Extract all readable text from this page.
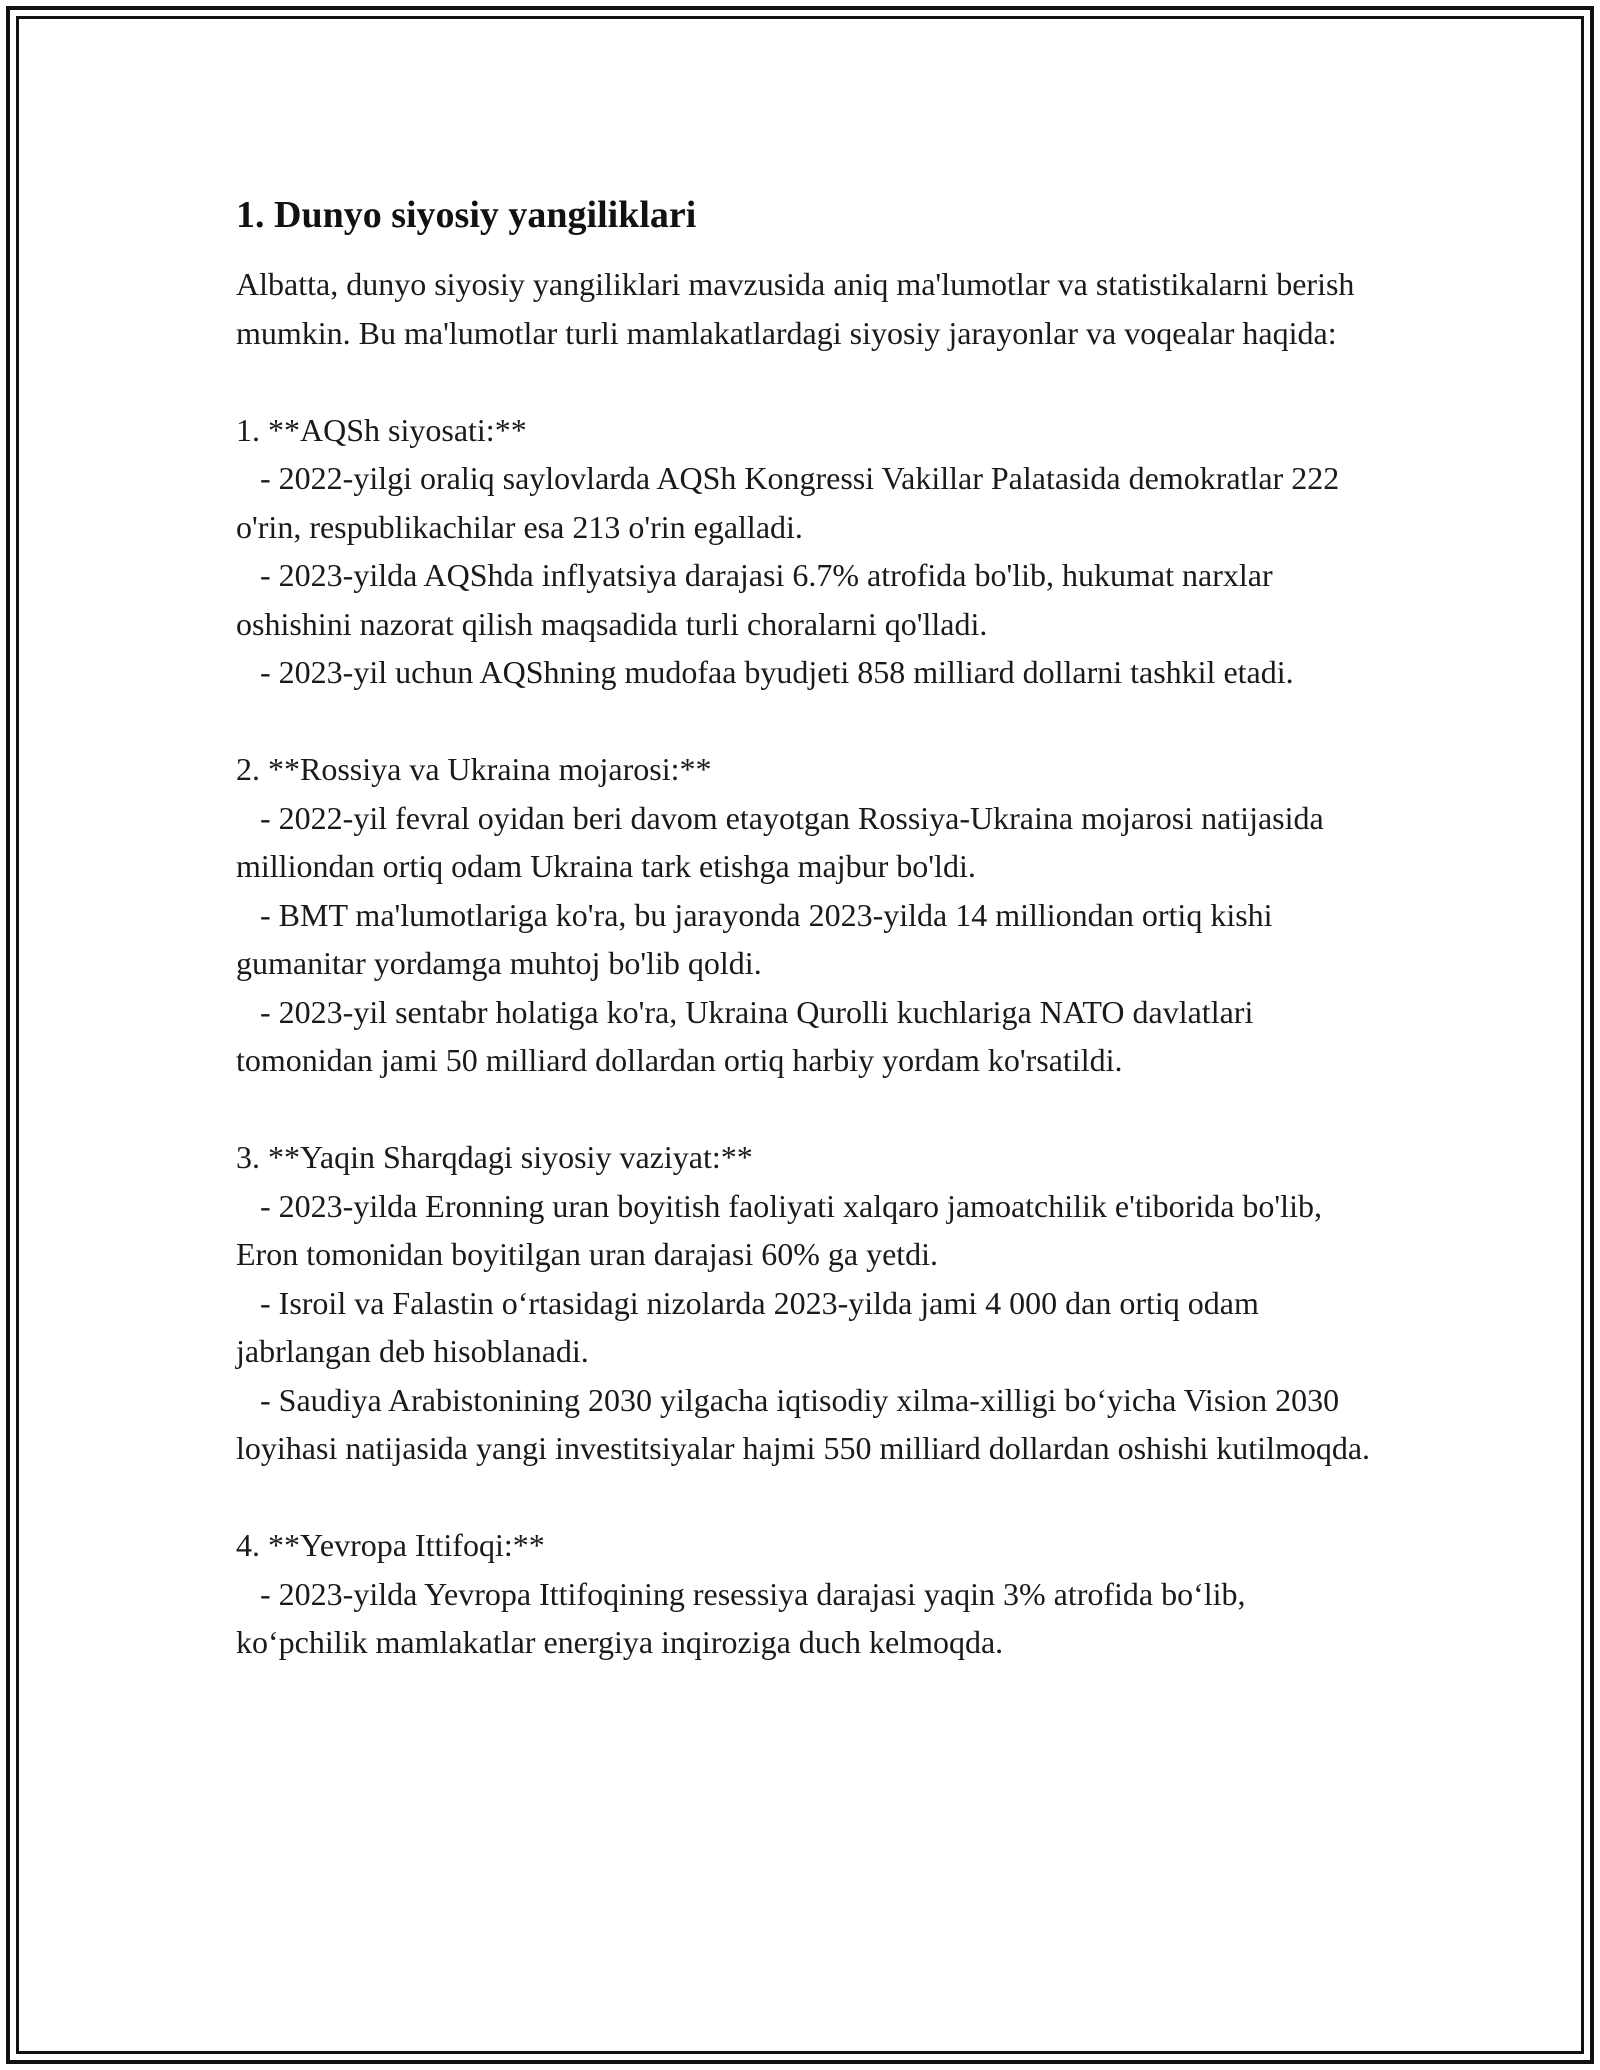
1. Dunyo siyosiy yangiliklari

Albatta, dunyo siyosiy yangiliklari mavzusida aniq ma'lumotlar va statistikalarni berish mumkin. Bu ma'lumotlar turli mamlakatlardagi siyosiy jarayonlar va voqealar haqida:

1. **AQSh siyosati:**

- 2022-yilgi oraliq saylovlarda AQSh Kongressi Vakillar Palatasida demokratlar 222 o'rin, respublikachilar esa 213 o'rin egalladi.

- 2023-yilda AQShda inflyatsiya darajasi 6.7% atrofida bo'lib, hukumat narxlar oshishini nazorat qilish maqsadida turli choralarni qo'lladi.

- 2023-yil uchun AQShning mudofaa byudjeti 858 milliard dollarni tashkil etadi.

2. **Rossiya va Ukraina mojarosi:**

- 2022-yil fevral oyidan beri davom etayotgan Rossiya-Ukraina mojarosi natijasida milliondan ortiq odam Ukraina tark etishga majbur bo'ldi.

- BMT ma'lumotlariga ko'ra, bu jarayonda 2023-yilda 14 milliondan ortiq kishi gumanitar yordamga muhtoj bo'lib qoldi.

- 2023-yil sentabr holatiga ko'ra, Ukraina Qurolli kuchlariga NATO davlatlari tomonidan jami 50 milliard dollardan ortiq harbiy yordam ko'rsatildi.

3. **Yaqin Sharqdagi siyosiy vaziyat:**

- 2023-yilda Eronning uran boyitish faoliyati xalqaro jamoatchilik e'tiborida bo'lib, Eron tomonidan boyitilgan uran darajasi 60% ga yetdi.

- Isroil va Falastin o‘rtasidagi nizolarda 2023-yilda jami 4 000 dan ortiq odam jabrlangan deb hisoblanadi.

- Saudiya Arabistonining 2030 yilgacha iqtisodiy xilma-xilligi bo‘yicha Vision 2030 loyihasi natijasida yangi investitsiyalar hajmi 550 milliard dollardan oshishi kutilmoqda.

4. **Yevropa Ittifoqi:**

- 2023-yilda Yevropa Ittifoqining resessiya darajasi yaqin 3% atrofida bo‘lib, ko‘pchilik mamlakatlar energiya inqiroziga duch kelmoqda.
